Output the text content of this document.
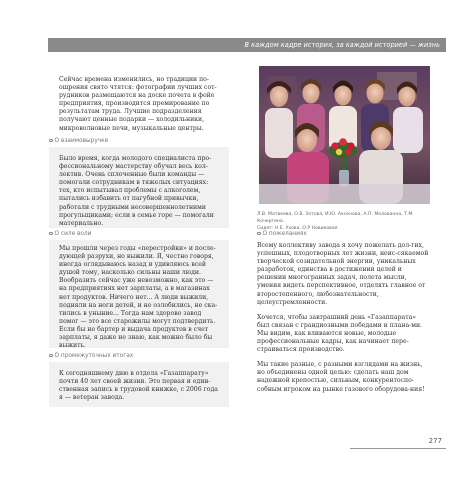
В каждом кадре история, за каждой историей — жизнь

Сейчас времена изменились, но традиции по-ощрения свято чтятся: фотографии лучших сот-рудников размещаются на доске почета в фойе предприятия, производится премирование по результатам труда. Лучшие подразделения получают ценные подарки — холодильники, микроволновые печи, музыкальные центры.

О взаимовыручке

Было время, когда молодого специалиста про-фессиональному мастерству обучал весь кол-лектив. Очень сплоченные были команды — помогали сотрудникам в тяжелых ситуациях: тех, кто испытывал проблемы с алкоголем, пытались избавить от пагубной привычки, работали с трудными несовершеннолетними прогульщиками; если в семье горе — помогали материально.

О силе воли

Мы прошли через годы «перестройки» и после-дующей разрухи, но выжили. Я, честно говоря, иногда оглядываюсь назад и удивляюсь всей душой тому, насколько сильны наши люди. Вообразить сейчас уже невозможно, как это — на предприятиях нет зарплаты, а в магазинах нет продуктов. Ничего нет... А люди выжили, подняли на ноги детей, и не озлобились, не ска-тились в уныние... Тогда нам здорово завод помог — это все старожилы могут подтвердить. Если бы не бартер и выдача продуктов в счет зарплаты, я даже не знаю, как можно было бы выжить.

О промежуточных итогах

К сегодняшнему дню в отдела «Газаппарату» почти 40 лет своей жизни. Это первая и един-ственная запись в трудовой книжке, с 2006 года я — ветеран завода.

Л.В. Матвеева, О.В. Зотова, И.Ю. Аксенова, А.П. Молованна, Т.М. Кочергина.
Сидят: Н.Е. Ухова, О.Р Новиковая
О пожеланиях

Всему коллективу завода я хочу пожелать дол-гих, успешных, плодотворных лет жизни, неис-сякаемой творческой созидательной энергии, уникальных разработок, единства в достижении целей и решении многогранных задач, полета мысли, умения видеть перспективное, отделять главное от второстепенного, любознательности, целеустремленности.

Хочется, чтобы завтрашний день «Газаппарата» был связан с грандиозными победами и плана-ми. Мы видим, как вливаются новые, молодые профессиональные кадры, как начинает пере-страиваться производство.

Мы такие разные, с разными взглядами на жизнь, но объединены одной целью: сделать наш дом надежной крепостью, сильным, конкурентоспо-собным игроком на рынке газового оборудова-ния!

277
